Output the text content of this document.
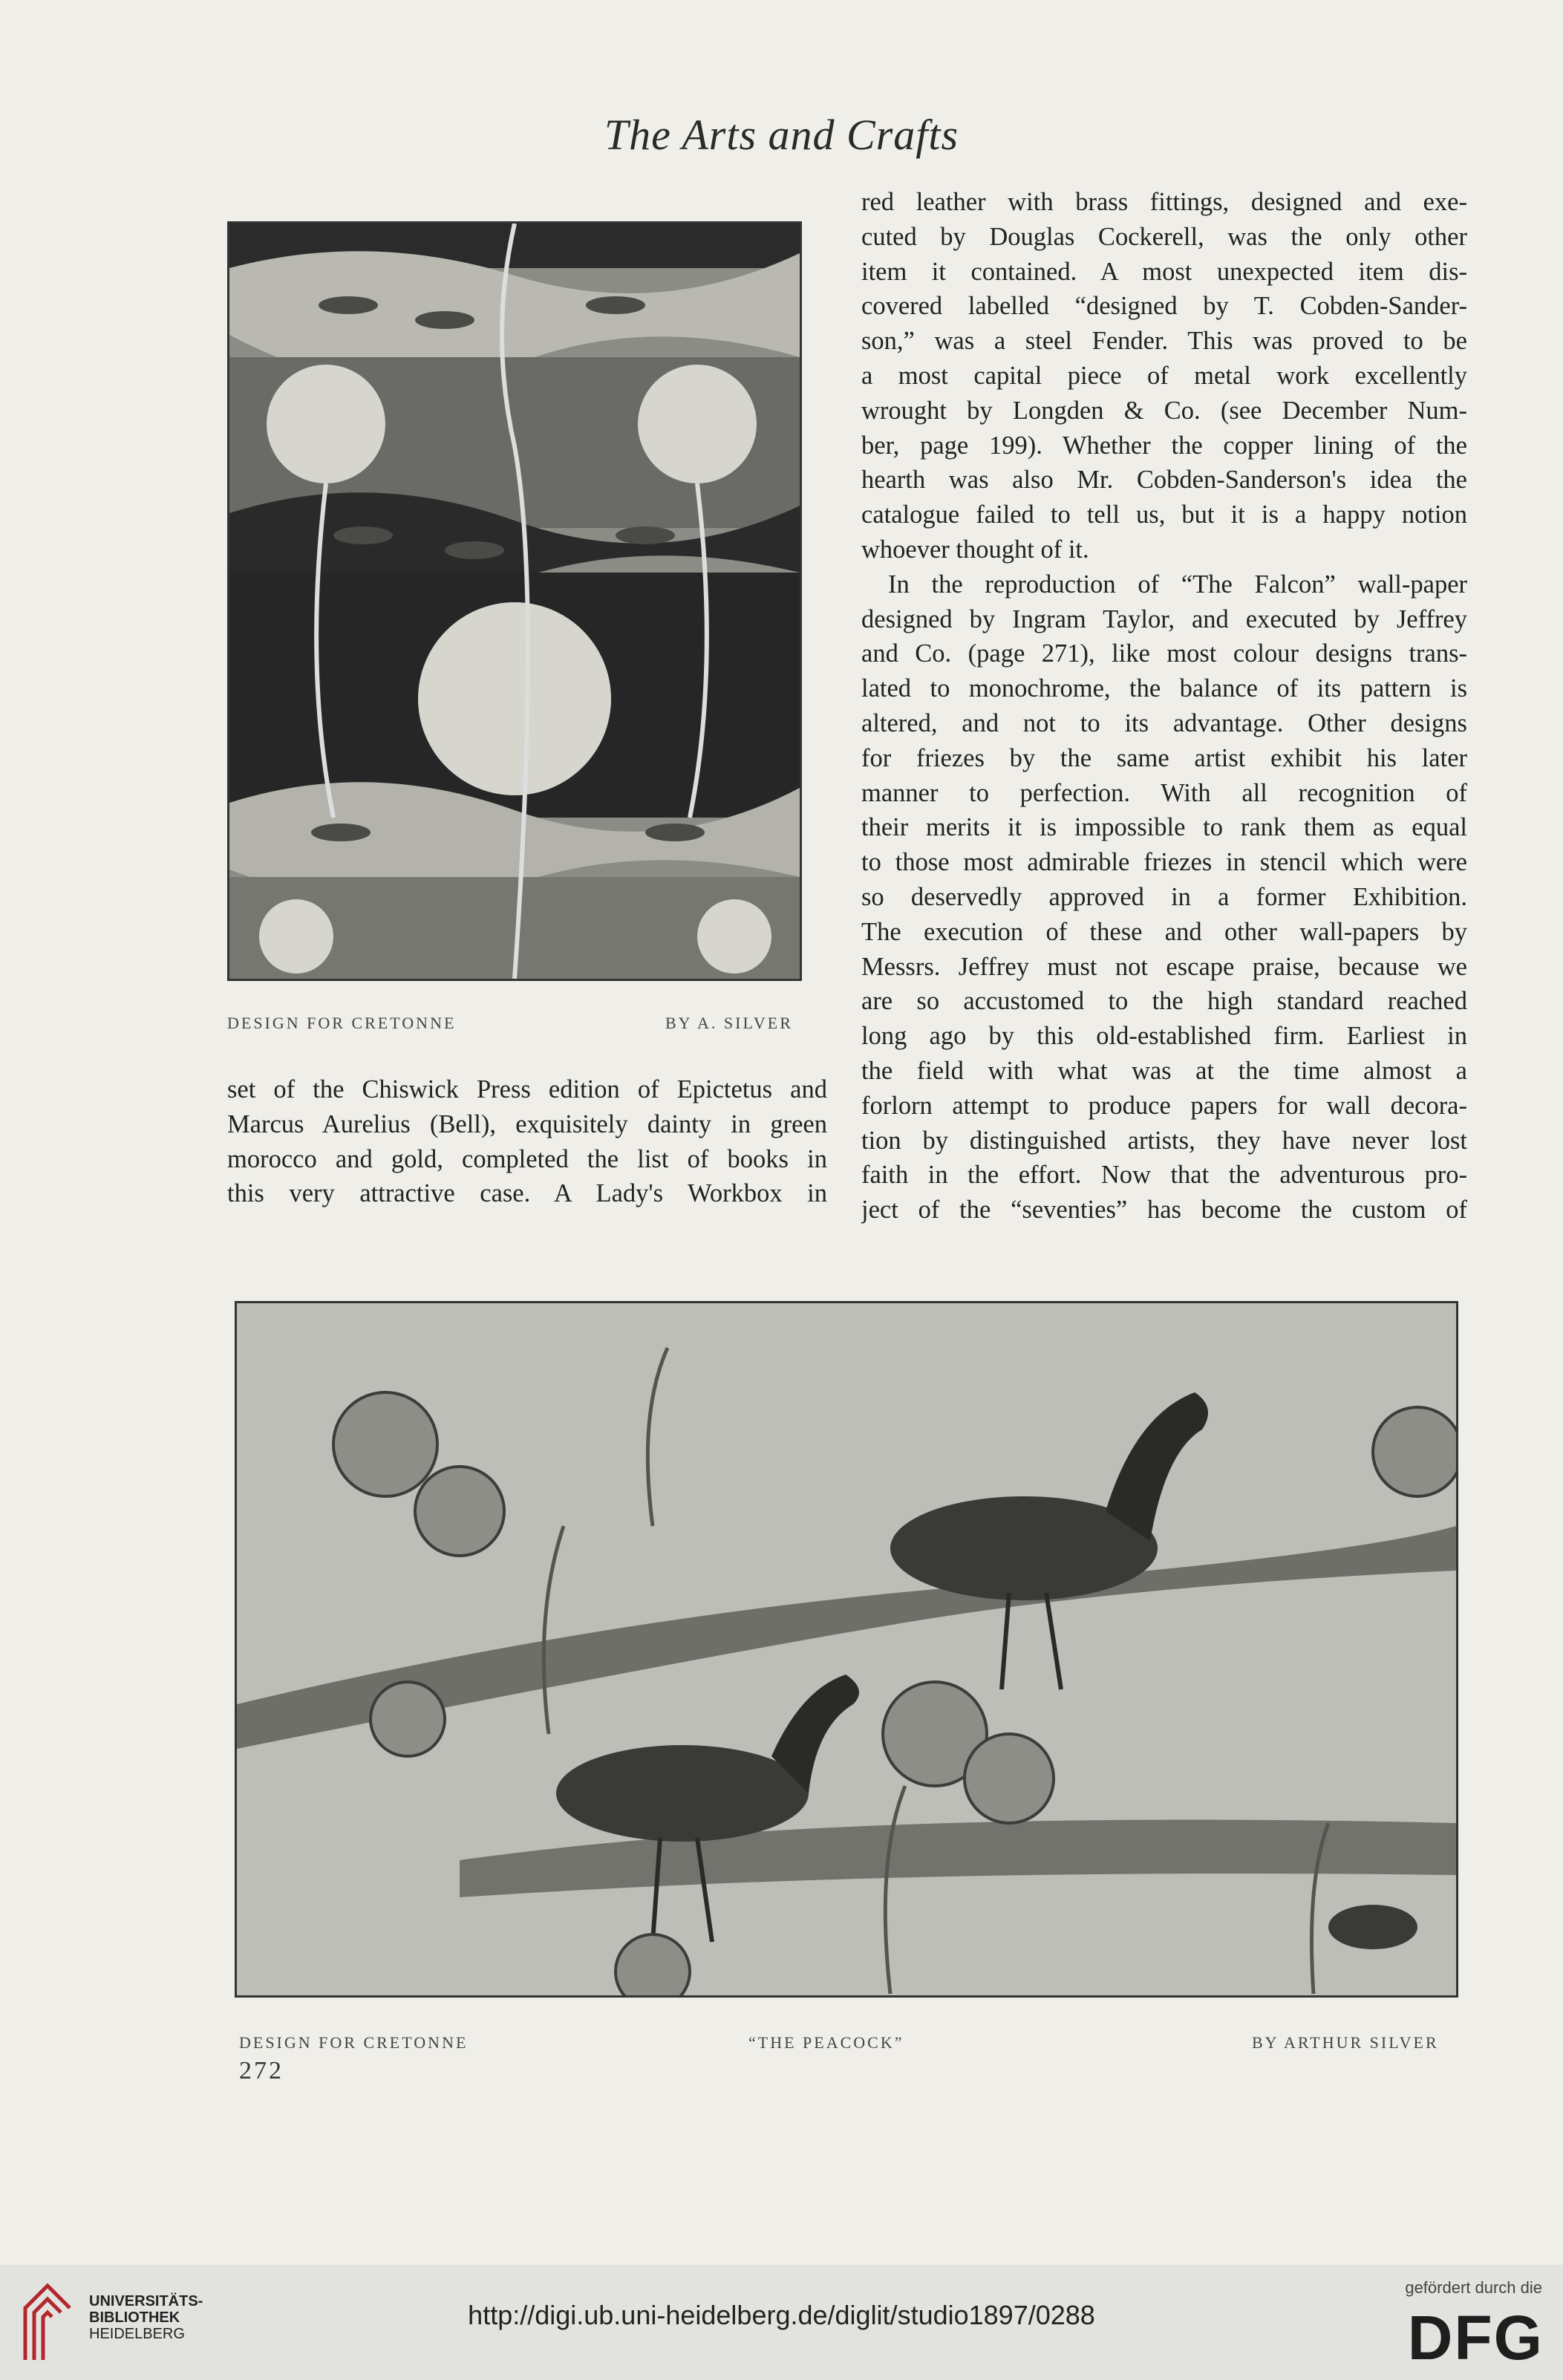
The Arts and Crafts
DESIGN FOR CRETONNE	BY A. SILVER
set of the Chiswick Press edition of Epictetus and
Marcus Aurelius (Bell), exquisitely dainty in green
morocco and gold, completed the list of books in
this very attractive case. A Lady's Workbox in
red leather with brass fittings, designed and exe-
cuted by Douglas Cockerell, was the only other
item it contained. A most unexpected item dis-
covered labelled “designed by T. Cobden-Sander-
son,” was a steel Fender. This was proved to be
a most capital piece of metal work excellently
wrought by Longden & Co. (see December Num-
ber, page 199). Whether the copper lining of the
hearth was also Mr. Cobden-Sanderson's idea the
catalogue failed to tell us, but it is a happy notion
whoever thought of it.
In the reproduction of “The Falcon” wall-paper
designed by Ingram Taylor, and executed by Jeffrey
and Co. (page 271), like most colour designs trans-
lated to monochrome, the balance of its pattern is
altered, and not to its advantage. Other designs
for friezes by the same artist exhibit his later
manner to perfection. With all recognition of
their merits it is impossible to rank them as equal
to those most admirable friezes in stencil which were
so deservedly approved in a former Exhibition.
The execution of these and other wall-papers by
Messrs. Jeffrey must not escape praise, because we
are so accustomed to the high standard reached
long ago by this old-established firm. Earliest in
the field with what was at the time almost a
forlorn attempt to produce papers for wall decora-
tion by distinguished artists, they have never lost
faith in the effort. Now that the adventurous pro-
ject of the “seventies” has become the custom of
DESIGN FOR CRETONNE	“THE PEACOCK”	BY ARTHUR SILVER
272
UNIVERSITÄTS-
BIBLIOTHEK
HEIDELBERG
http://digi.ub.uni-heidelberg.de/diglit/studio1897/0288
gefördert durch die
DFG
